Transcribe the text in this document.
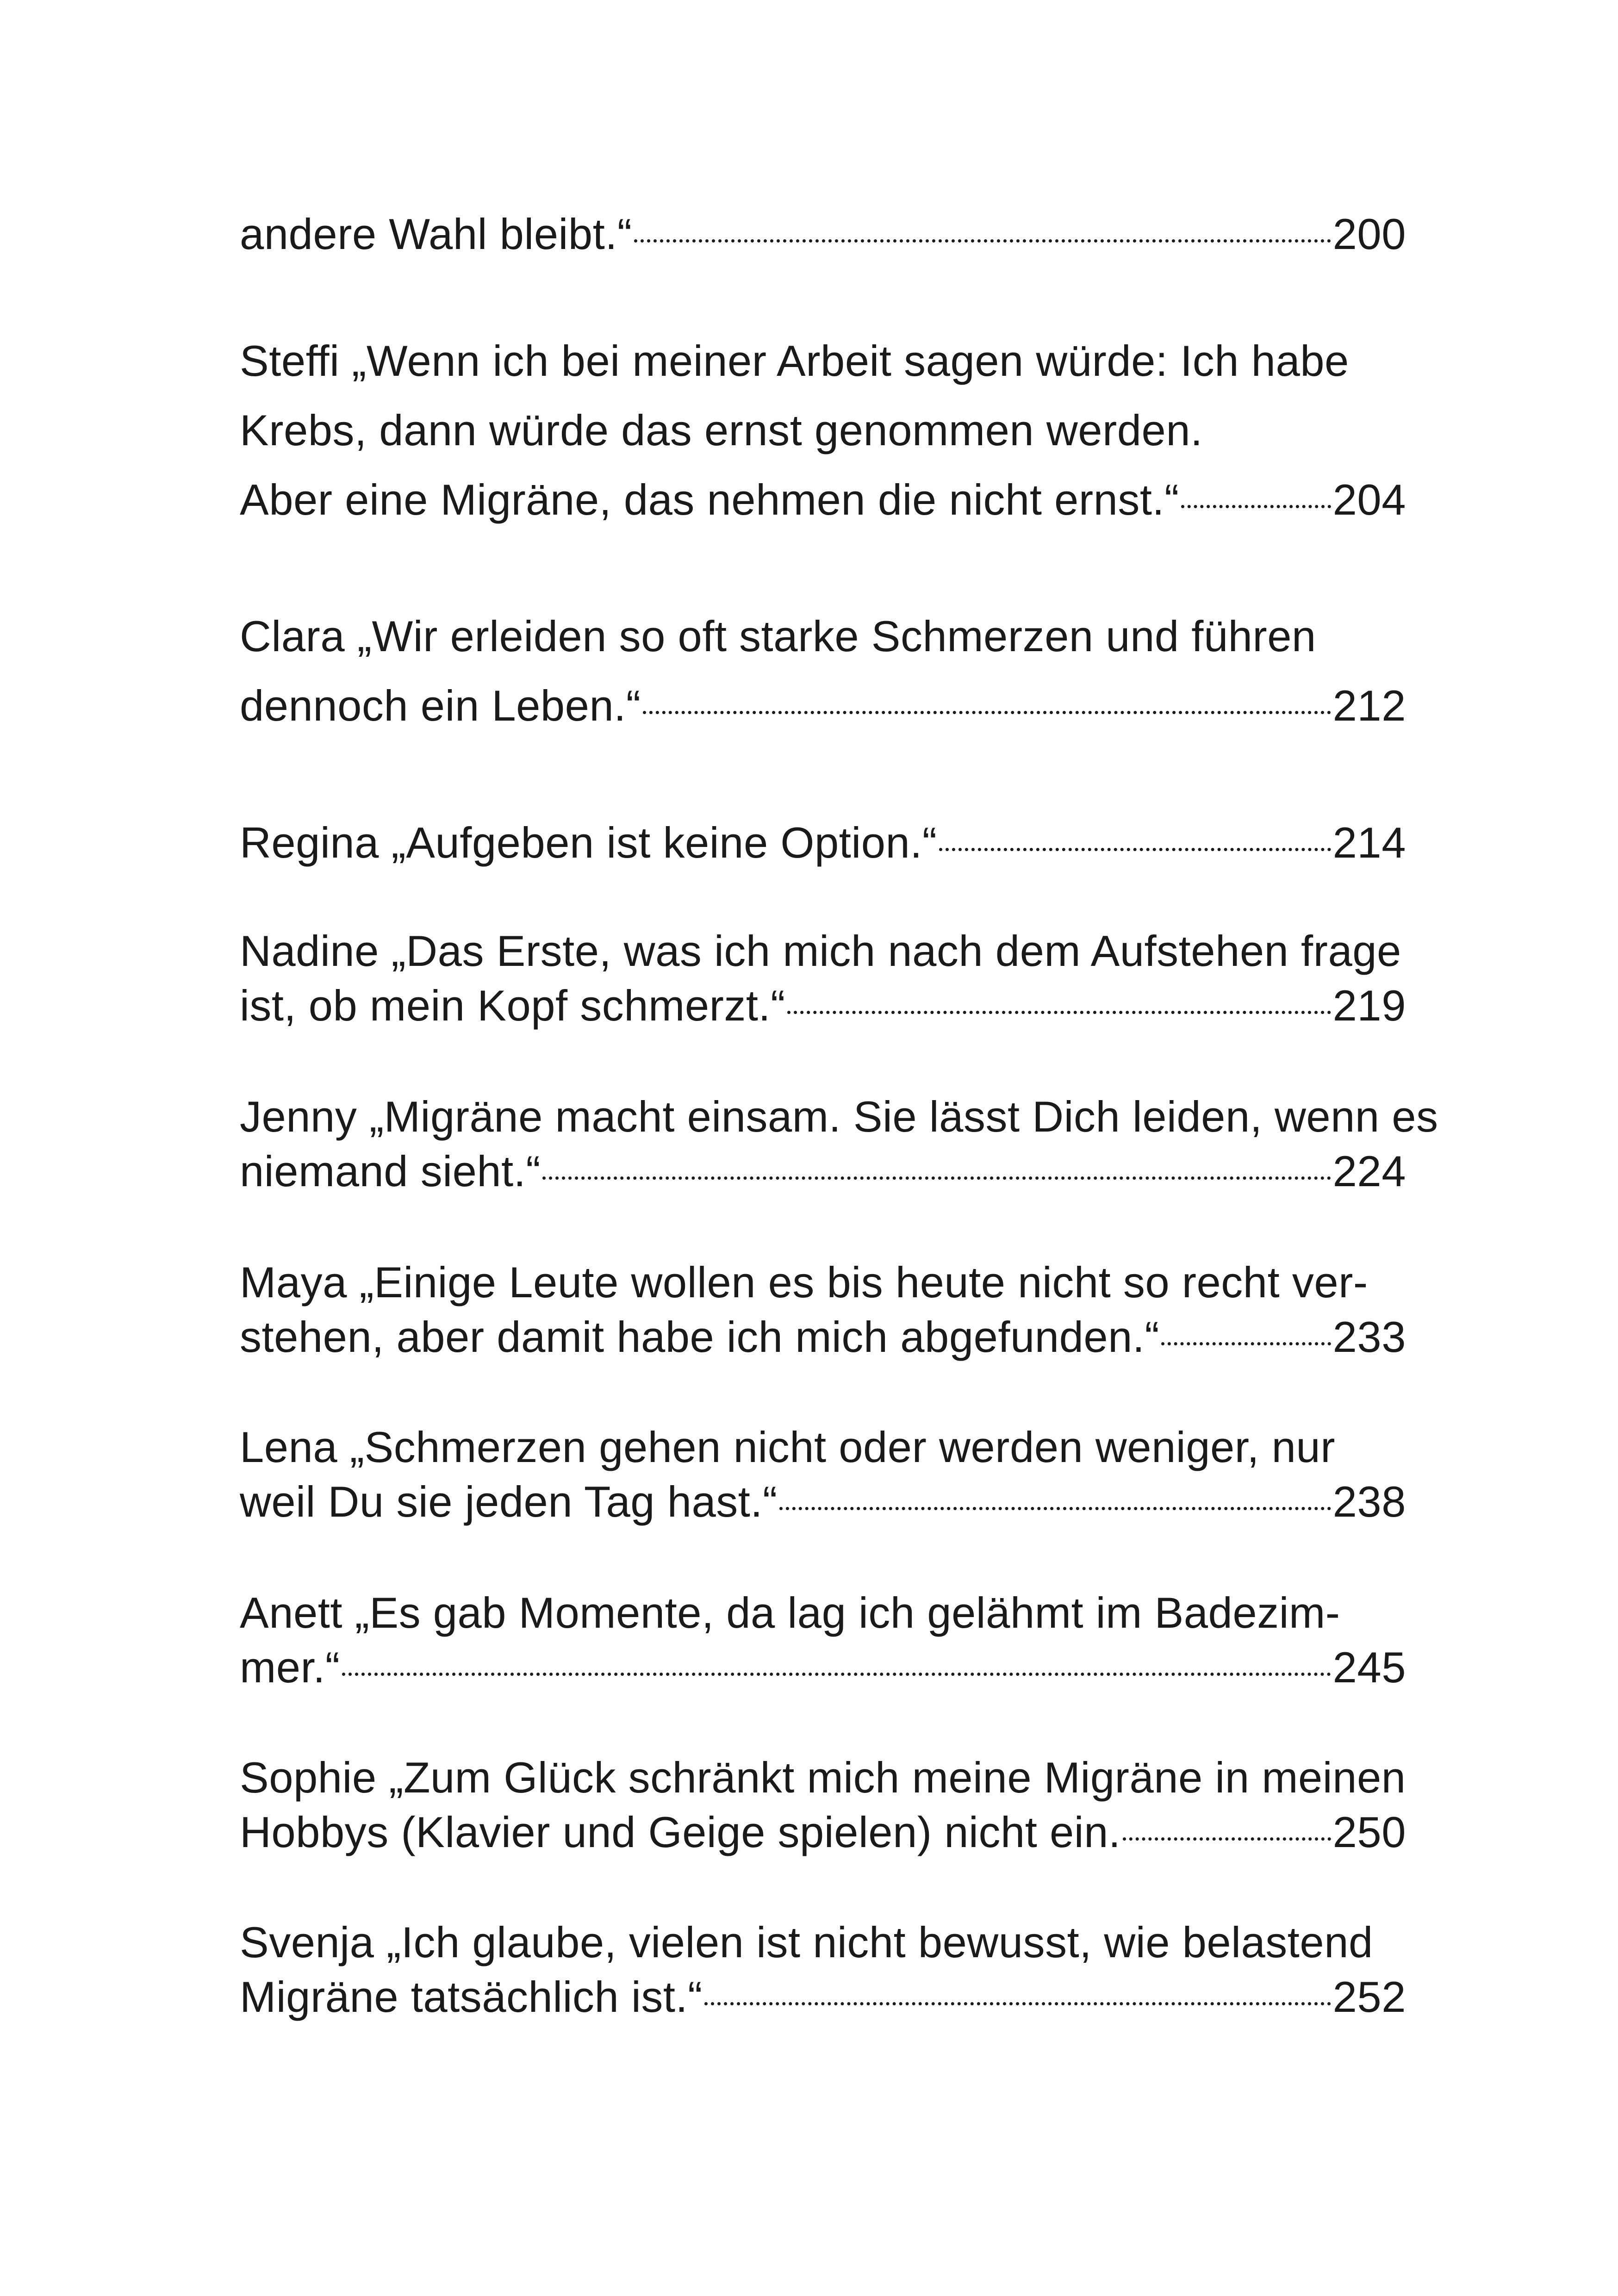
andere Wahl bleibt.“	200
Steffi „Wenn ich bei meiner Arbeit sagen würde: Ich habe
Krebs, dann würde das ernst genommen werden.
Aber eine Migräne, das nehmen die nicht ernst.“	204
Clara „Wir erleiden so oft starke Schmerzen und führen
dennoch ein Leben.“	212
Regina „Aufgeben ist keine Option.“	214
Nadine „Das Erste, was ich mich nach dem Aufstehen frage
ist, ob mein Kopf schmerzt.“	219
Jenny „Migräne macht einsam. Sie lässt Dich leiden, wenn es
niemand sieht.“	224
Maya „Einige Leute wollen es bis heute nicht so recht ver-
stehen, aber damit habe ich mich abgefunden.“	233
Lena „Schmerzen gehen nicht oder werden weniger, nur
weil Du sie jeden Tag hast.“	238
Anett „Es gab Momente, da lag ich gelähmt im Badezim-
mer.“	245
Sophie „Zum Glück schränkt mich meine Migräne in meinen
Hobbys (Klavier und Geige spielen) nicht ein.	250
Svenja „Ich glaube, vielen ist nicht bewusst, wie belastend
Migräne tatsächlich ist.“	252
